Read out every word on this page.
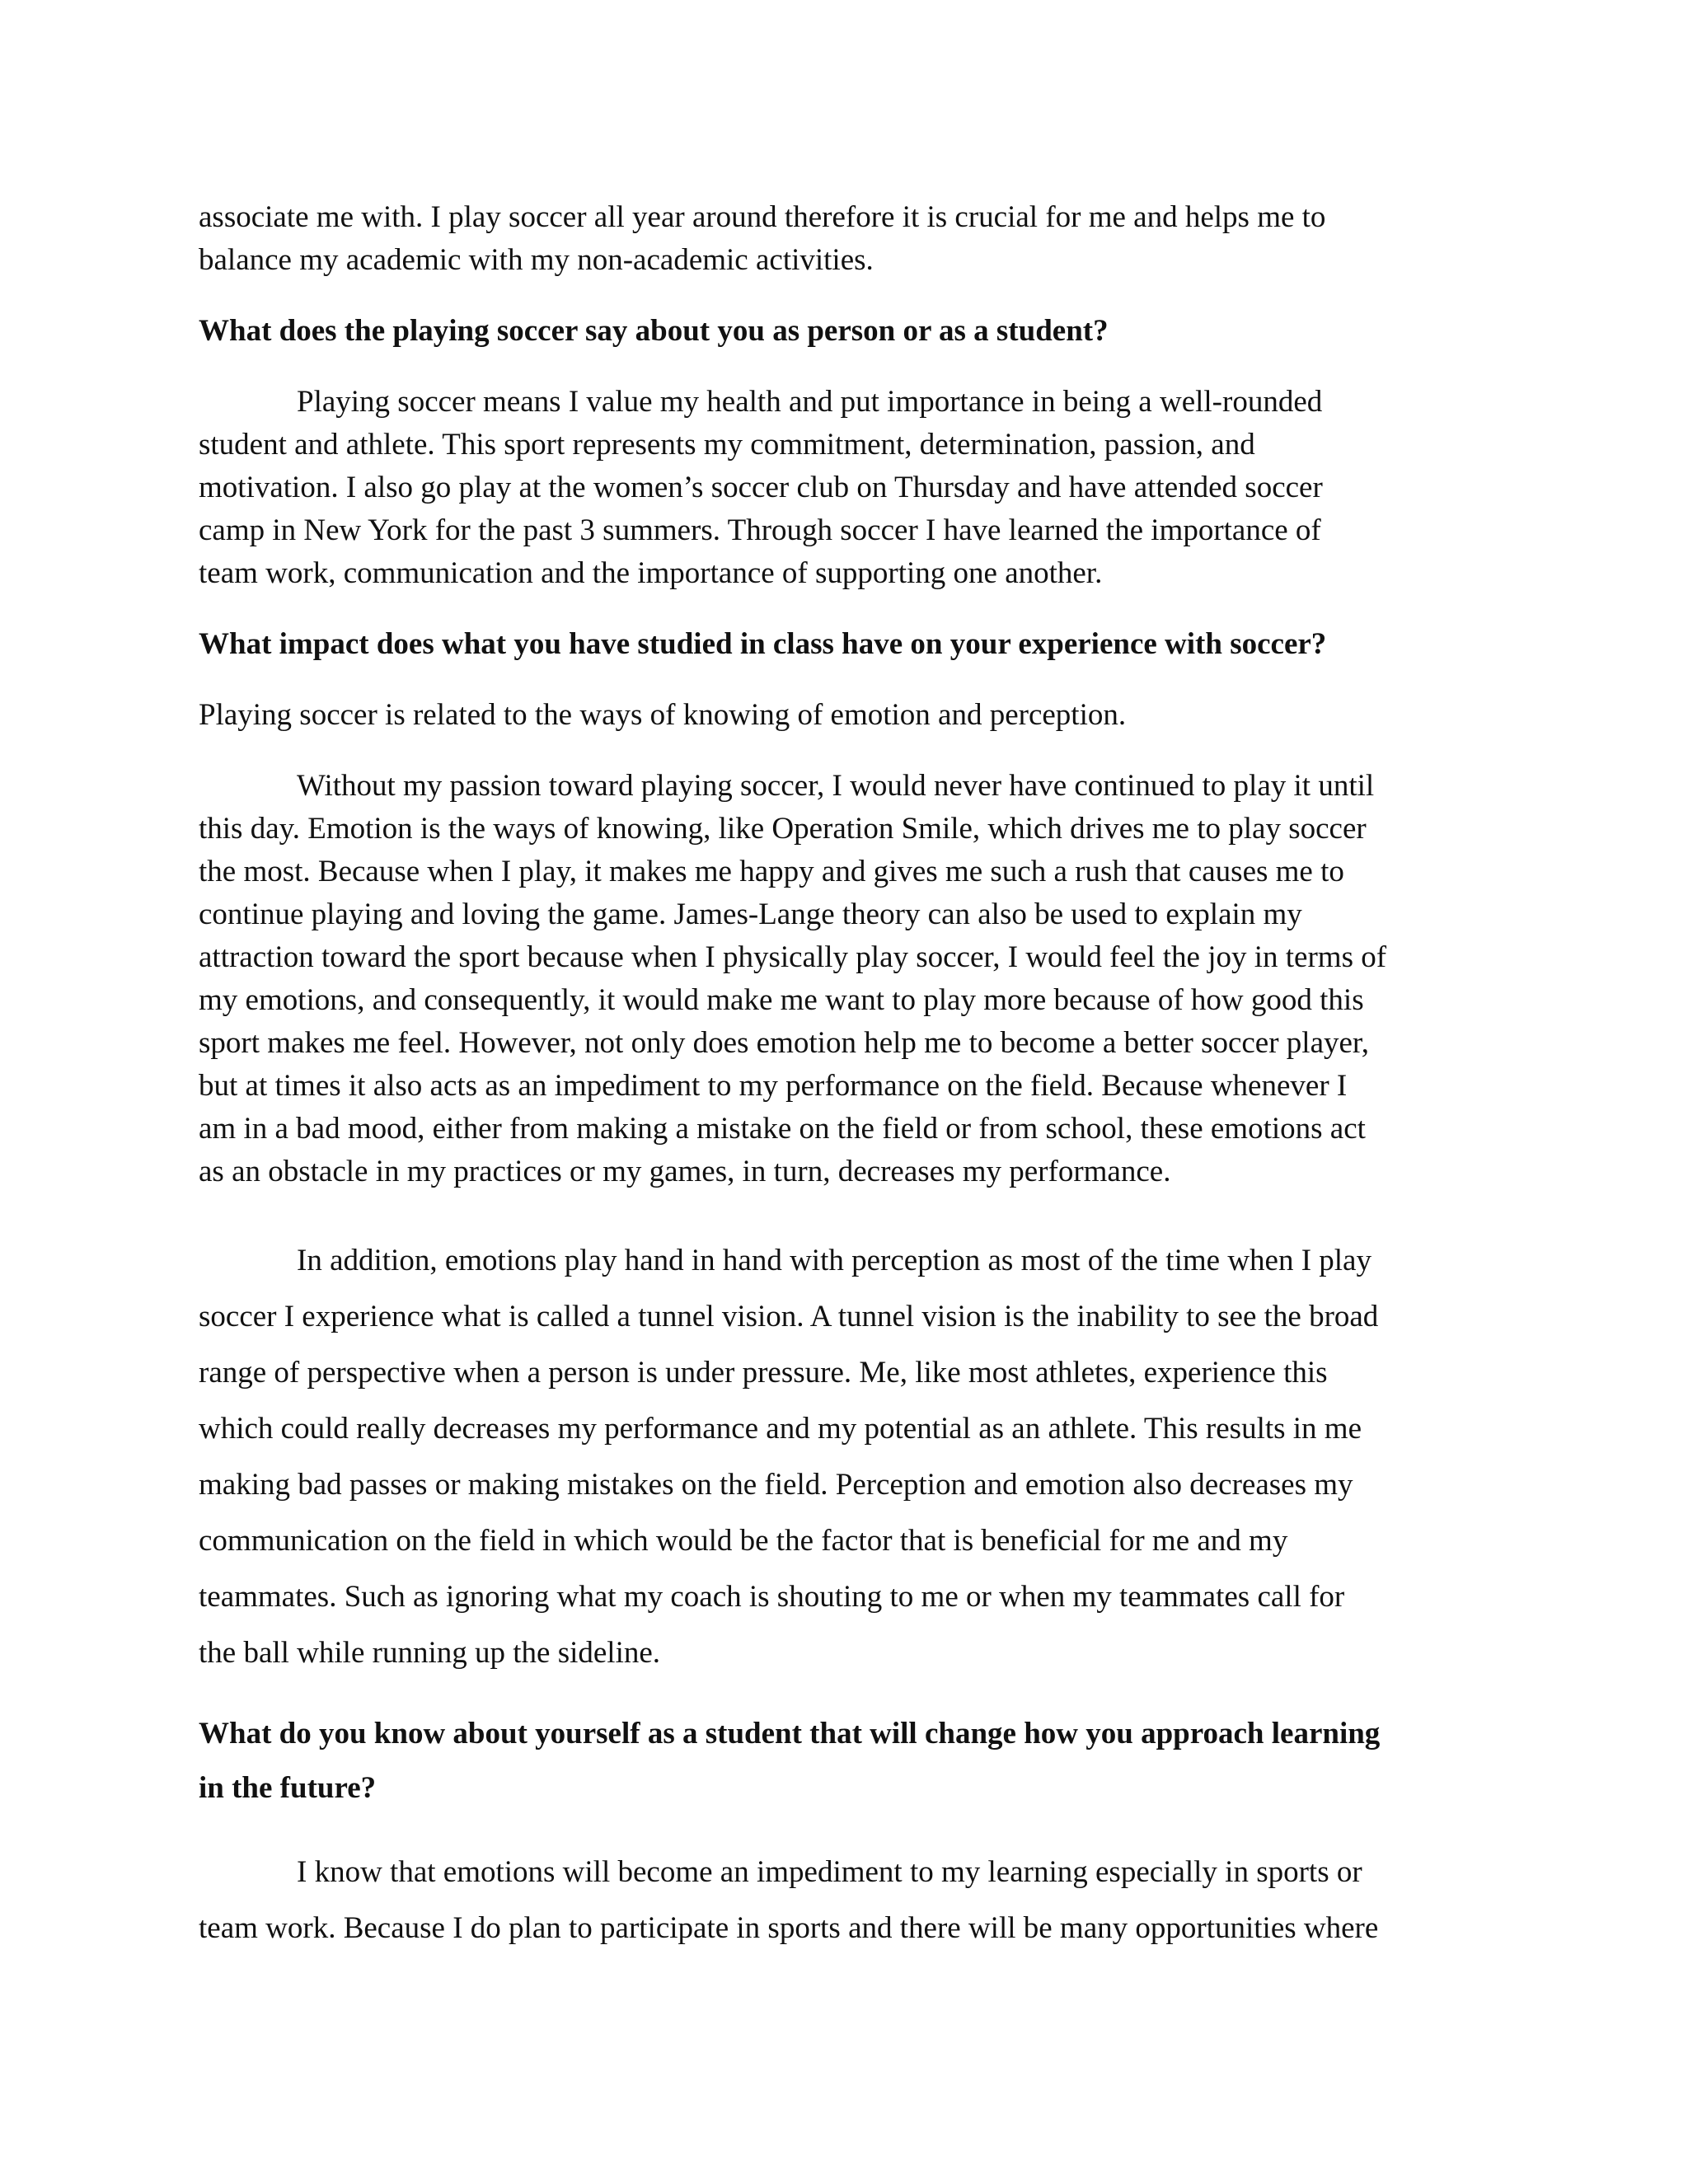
associate me with. I play soccer all year around therefore it is crucial for me and helps me to
balance my academic with my non-academic activities.
What does the playing soccer say about you as person or as a student?
Playing soccer means I value my health and put importance in being a well-rounded
student and athlete. This sport represents my commitment, determination, passion, and
motivation. I also go play at the women’s soccer club on Thursday and have attended soccer
camp in New York for the past 3 summers. Through soccer I have learned the importance of
team work, communication and the importance of supporting one another.
What impact does what you have studied in class have on your experience with soccer?
Playing soccer is related to the ways of knowing of emotion and perception.
Without my passion toward playing soccer, I would never have continued to play it until
this day. Emotion is the ways of knowing, like Operation Smile, which drives me to play soccer
the most. Because when I play, it makes me happy and gives me such a rush that causes me to
continue playing and loving the game. James-Lange theory can also be used to explain my
attraction toward the sport because when I physically play soccer, I would feel the joy in terms of
my emotions, and consequently, it would make me want to play more because of how good this
sport makes me feel. However, not only does emotion help me to become a better soccer player,
but at times it also acts as an impediment to my performance on the field. Because whenever I
am in a bad mood, either from making a mistake on the field or from school, these emotions act
as an obstacle in my practices or my games, in turn, decreases my performance.
In addition, emotions play hand in hand with perception as most of the time when I play
soccer I experience what is called a tunnel vision. A tunnel vision is the inability to see the broad
range of perspective when a person is under pressure. Me, like most athletes, experience this
which could really decreases my performance and my potential as an athlete. This results in me
making bad passes or making mistakes on the field. Perception and emotion also decreases my
communication on the field in which would be the factor that is beneficial for me and my
teammates. Such as ignoring what my coach is shouting to me or when my teammates call for
the ball while running up the sideline.
What do you know about yourself as a student that will change how you approach learning
in the future?
I know that emotions will become an impediment to my learning especially in sports or
team work. Because I do plan to participate in sports and there will be many opportunities where
